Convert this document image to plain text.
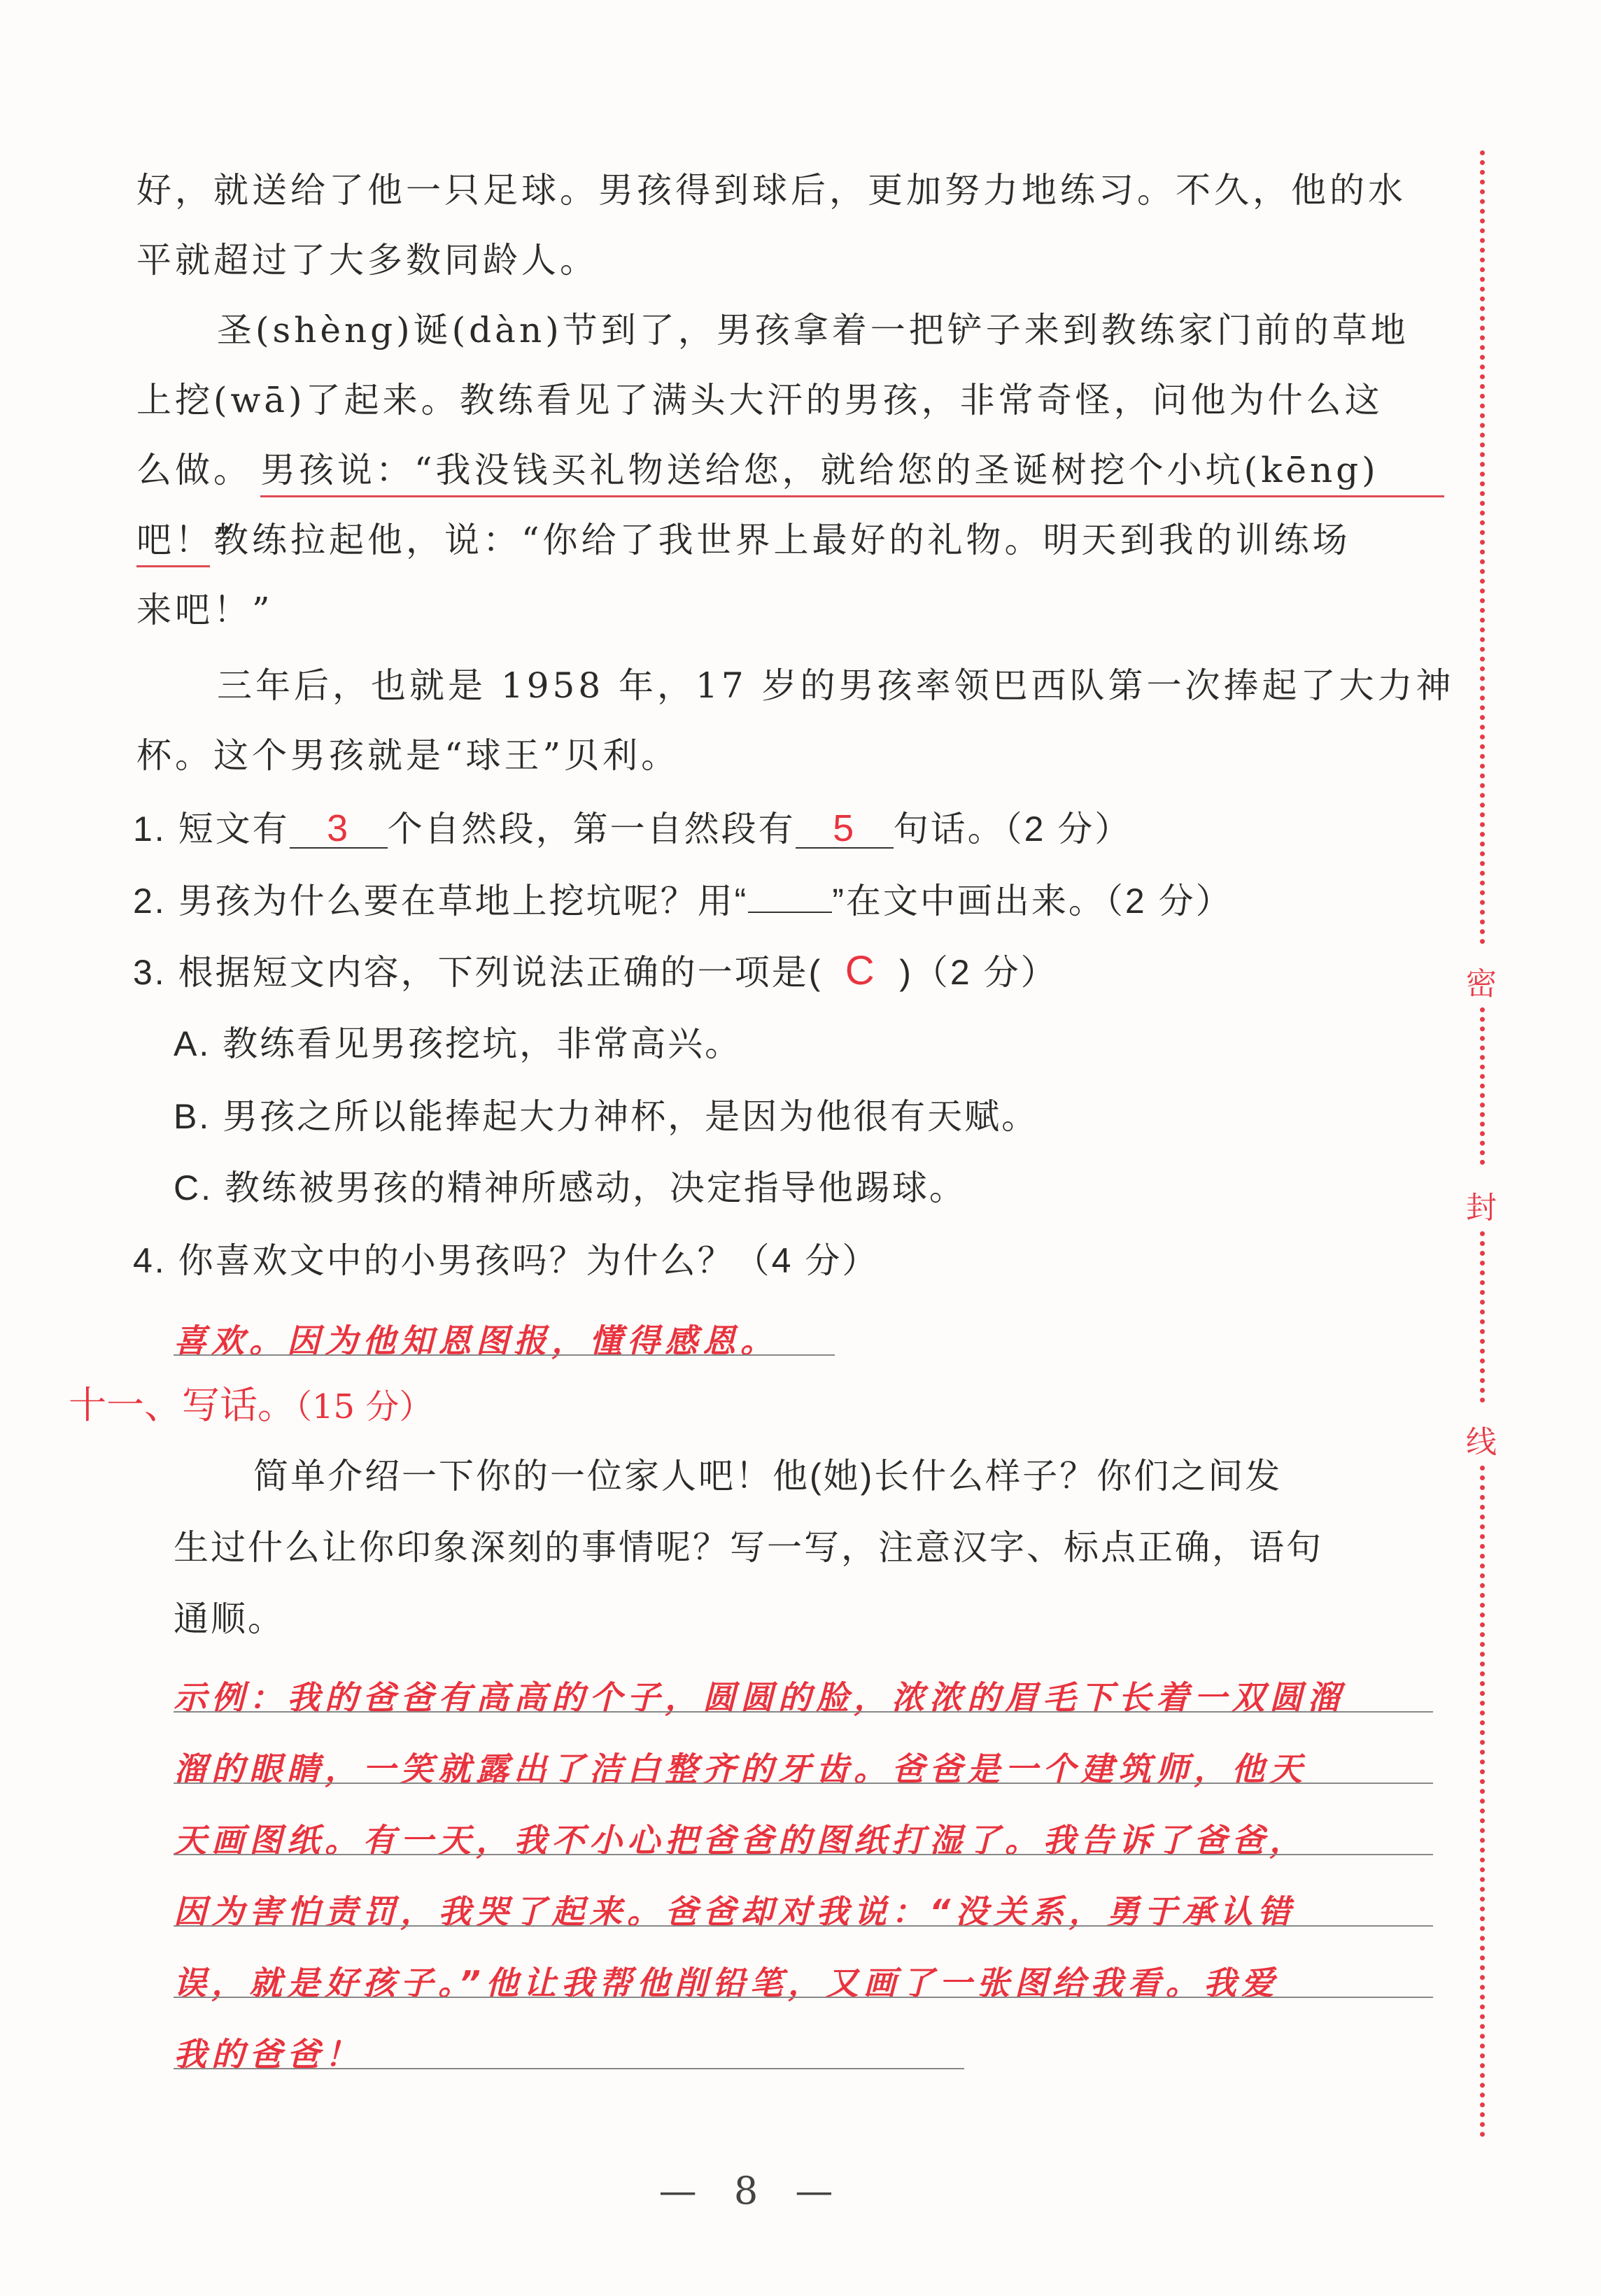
好，就送给了他一只足球。男孩得到球后，更加努力地练习。不久，他的水
平就超过了大多数同龄人。
圣(shèng)诞(dàn)节到了，男孩拿着一把铲子来到教练家门前的草地
上挖(wā)了起来。教练看见了满头大汗的男孩，非常奇怪，问他为什么这
么做。 男孩说：“我没钱买礼物送给您，就给您的圣诞树挖个小坑(kēng)
吧！”
教练拉起他，说：“你给了我世界上最好的礼物。明天到我的训练场
来吧！”
三年后，也就是 1958 年，17 岁的男孩率领巴西队第一次捧起了大力神
杯。这个男孩就是“球王”贝利。
1. 短文有 3 个自然段，第一自然段有 5 句话。（2 分）
2. 男孩为什么要在草地上挖坑呢？用“ ”在文中画出来。（2 分）
3. 根据短文内容，下列说法正确的一项是( C )（2 分）
A. 教练看见男孩挖坑，非常高兴。
B. 男孩之所以能捧起大力神杯，是因为他很有天赋。
C. 教练被男孩的精神所感动，决定指导他踢球。
4. 你喜欢文中的小男孩吗？为什么？（4 分）
喜欢。因为他知恩图报，懂得感恩。
十一、写话。（15 分）
简单介绍一下你的一位家人吧！他(她)长什么样子？你们之间发
生过什么让你印象深刻的事情呢？写一写，注意汉字、标点正确，语句
通顺。
示例：我的爸爸有高高的个子，圆圆的脸，浓浓的眉毛下长着一双圆溜
溜的眼睛，一笑就露出了洁白整齐的牙齿。爸爸是一个建筑师，他天
天画图纸。有一天，我不小心把爸爸的图纸打湿了。我告诉了爸爸，
因为害怕责罚，我哭了起来。爸爸却对我说：“没关系，勇于承认错
误，就是好孩子。”他让我帮他削铅笔，又画了一张图给我看。我爱
我的爸爸！
密
封
线
— 8 —
